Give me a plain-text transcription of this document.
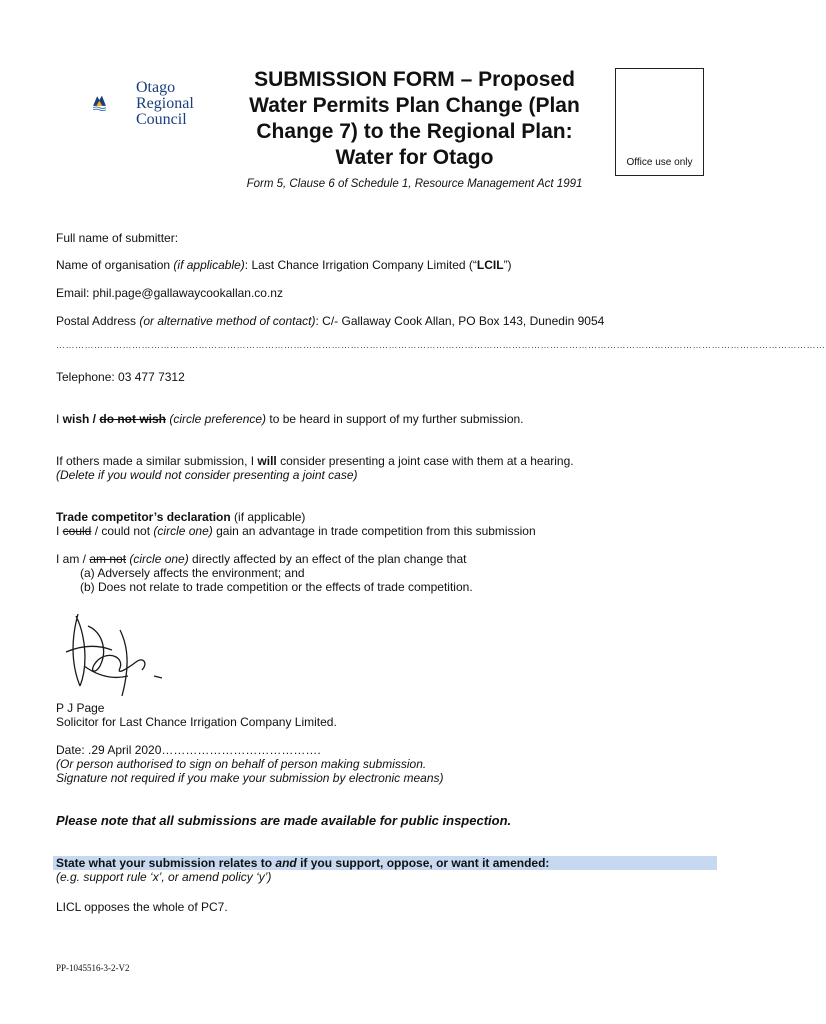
Otago
Regional
Council
SUBMISSION FORM – Proposed
Water Permits Plan Change (Plan
Change 7) to the Regional Plan:
Water for Otago	Office use only
Form 5, Clause 6 of Schedule 1, Resource Management Act 1991
Full name of submitter:
Name of organisation (if applicable): Last Chance Irrigation Company Limited (“LCIL”)
Email: phil.page@gallawaycookallan.co.nz
Postal Address (or alternative method of contact): C/- Gallaway Cook Allan, PO Box 143, Dunedin 9054
………………………………………………………………………………………………………………………………………………………………………………………………………………………
Telephone: 03 477 7312
I wish / do not wish (circle preference) to be heard in support of my further submission.
If others made a similar submission, I will consider presenting a joint case with them at a hearing.
(Delete if you would not consider presenting a joint case)
Trade competitor’s declaration (if applicable)
I could / could not (circle one) gain an advantage in trade competition from this submission
I am / am not (circle one) directly affected by an effect of the plan change that
(a) Adversely affects the environment; and
(b) Does not relate to trade competition or the effects of trade competition.
P J Page
Solicitor for Last Chance Irrigation Company Limited.
Date: .29 April 2020………………………………….
(Or person authorised to sign on behalf of person making submission.
Signature not required if you make your submission by electronic means)
Please note that all submissions are made available for public inspection.
State what your submission relates to and if you support, oppose, or want it amended:
(e.g. support rule ‘x’, or amend policy ‘y’)
LICL opposes the whole of PC7.
PP-1045516-3-2-V2
